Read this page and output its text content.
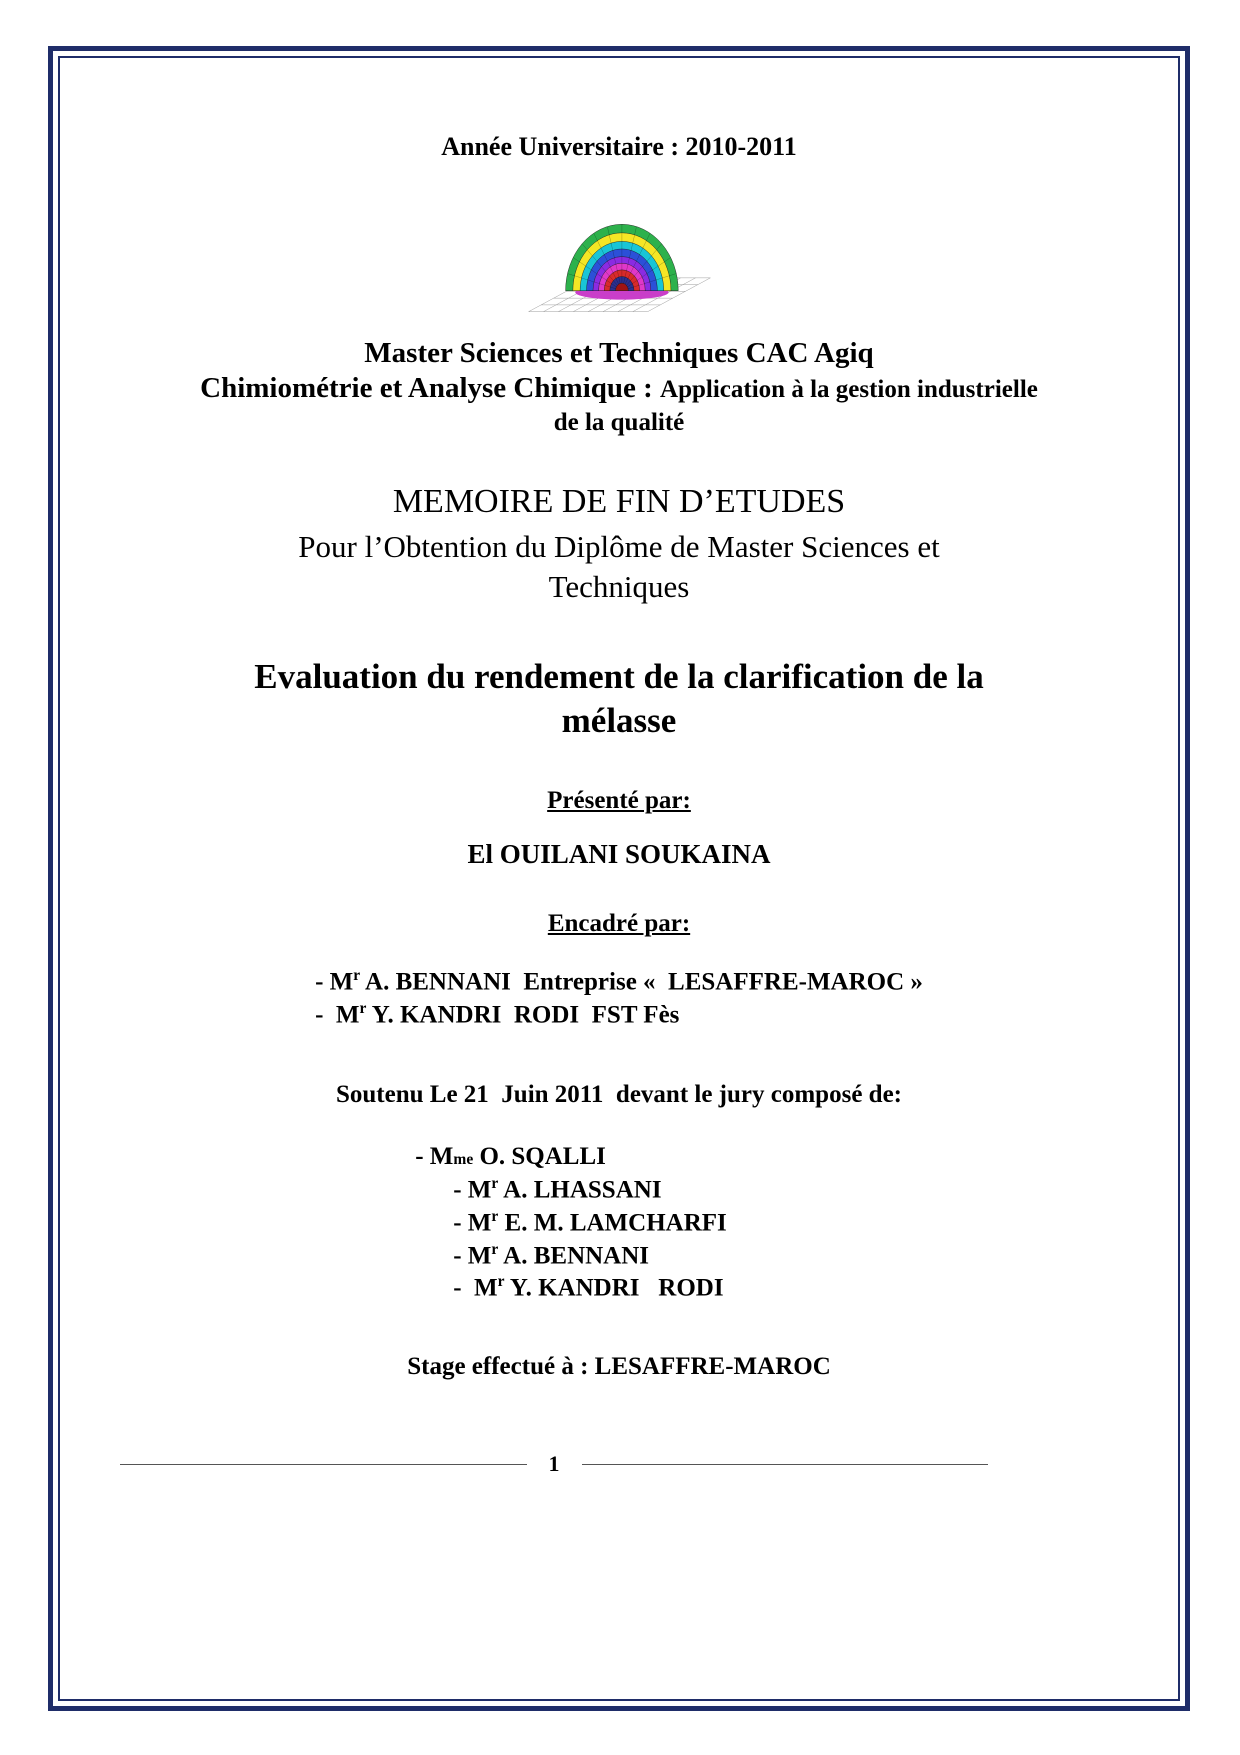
Année Universitaire : 2010-2011
Master Sciences et Techniques CAC Agiq
Chimiométrie et Analyse Chimique : Application à la gestion industrielle de la qualité
MEMOIRE DE FIN D’ETUDES
Pour l’Obtention du Diplôme de Master Sciences et Techniques
Evaluation du rendement de la clarification de la mélasse
Présenté par:
El OUILANI SOUKAINA
Encadré par:
- $M^r$ A. BENNANI  Entreprise «  LESAFFRE-MAROC »
-  $M^r$ Y. KANDRI  RODI  FST Fès
Soutenu Le 21  Juin 2011  devant le jury composé de:
- Mme O. SQALLI
- $M^r$ A. LHASSANI
- $M^r$ E. M. LAMCHARFI
- $M^r$ A. BENNANI
-  $M^r$ Y. KANDRI   RODI
Stage effectué à : LESAFFRE-MAROC
1
